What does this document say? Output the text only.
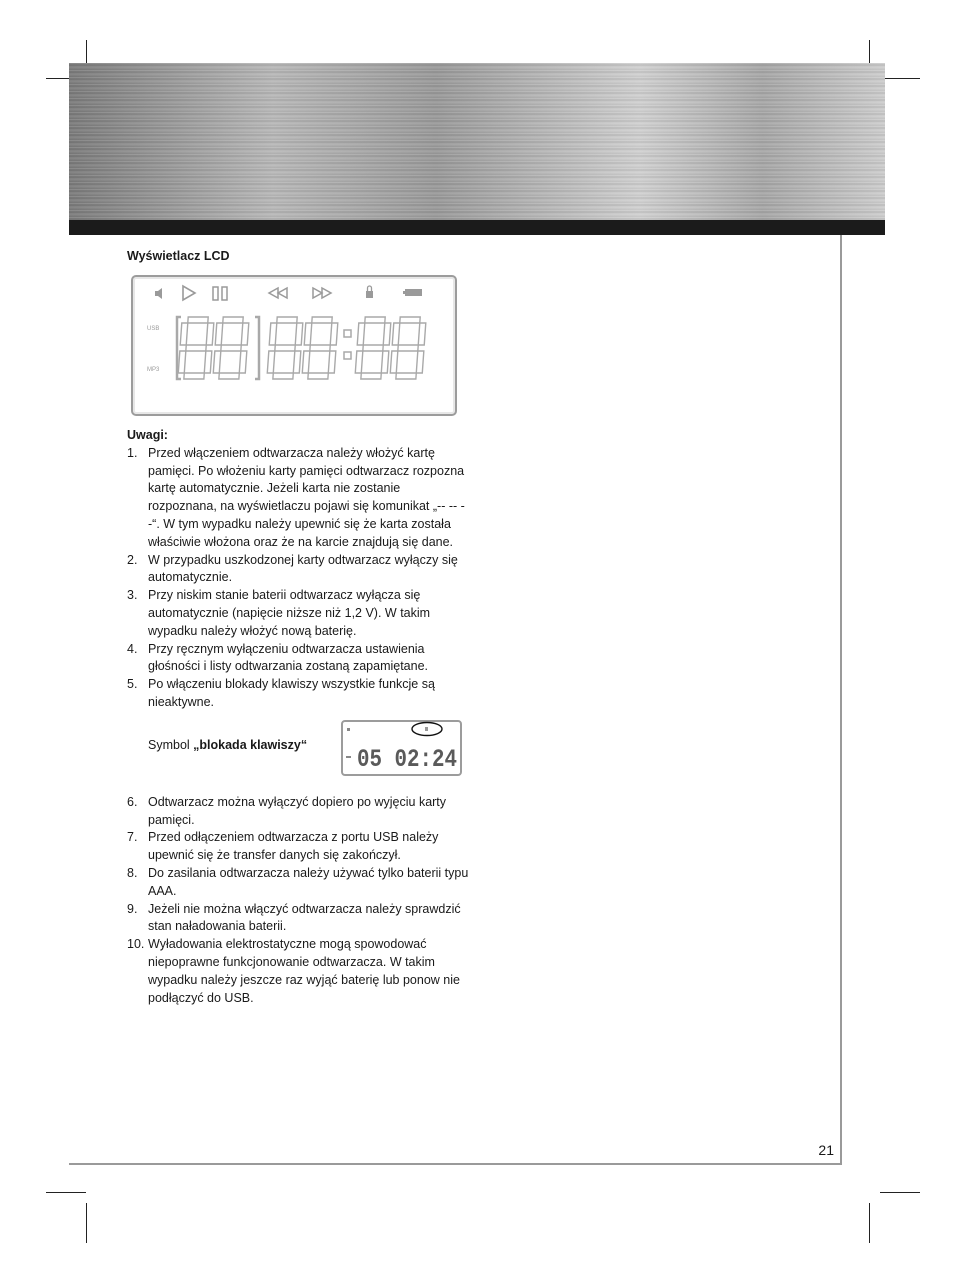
Wyświetlacz LCD
USB
MP3
Uwagi:
1. Przed włączeniem odtwarzacza należy włożyć kartę pamięci. Po włożeniu karty pamięci odtwarzacz rozpozna kartę automatycznie. Jeżeli karta nie zostanie rozpoznana, na wyświetlaczu pojawi się komunikat „-- -- --“. W tym wypadku należy upewnić się że karta została właściwie włożona oraz że na karcie znajdują się dane.
2. W przypadku uszkodzonej karty odtwarzacz wyłączy się automatycznie.
3. Przy niskim stanie baterii odtwarzacz wyłącza się automatycznie (napięcie niższe niż 1,2 V). W takim wypadku należy włożyć nową baterię.
4. Przy ręcznym wyłączeniu odtwarzacza ustawienia głośności i listy odtwarzania zostaną zapamiętane.
5. Po włączeniu blokady klawiszy wszystkie funkcje są nieaktywne.
Symbol „blokada klawiszy“ 05 02:24
6. Odtwarzacz można wyłączyć dopiero po wyjęciu karty pamięci.
7. Przed odłączeniem odtwarzacza z portu USB należy upewnić się że transfer danych się zakończył.
8. Do zasilania odtwarzacza należy używać tylko baterii typu AAA.
9. Jeżeli nie można włączyć odtwarzacza należy sprawdzić stan naładowania baterii.
10. Wyładowania elektrostatyczne mogą spowodować niepoprawne funkcjonowanie odtwarzacza. W takim wypadku należy jeszcze raz wyjąć baterię lub ponow nie podłączyć do USB.
21
